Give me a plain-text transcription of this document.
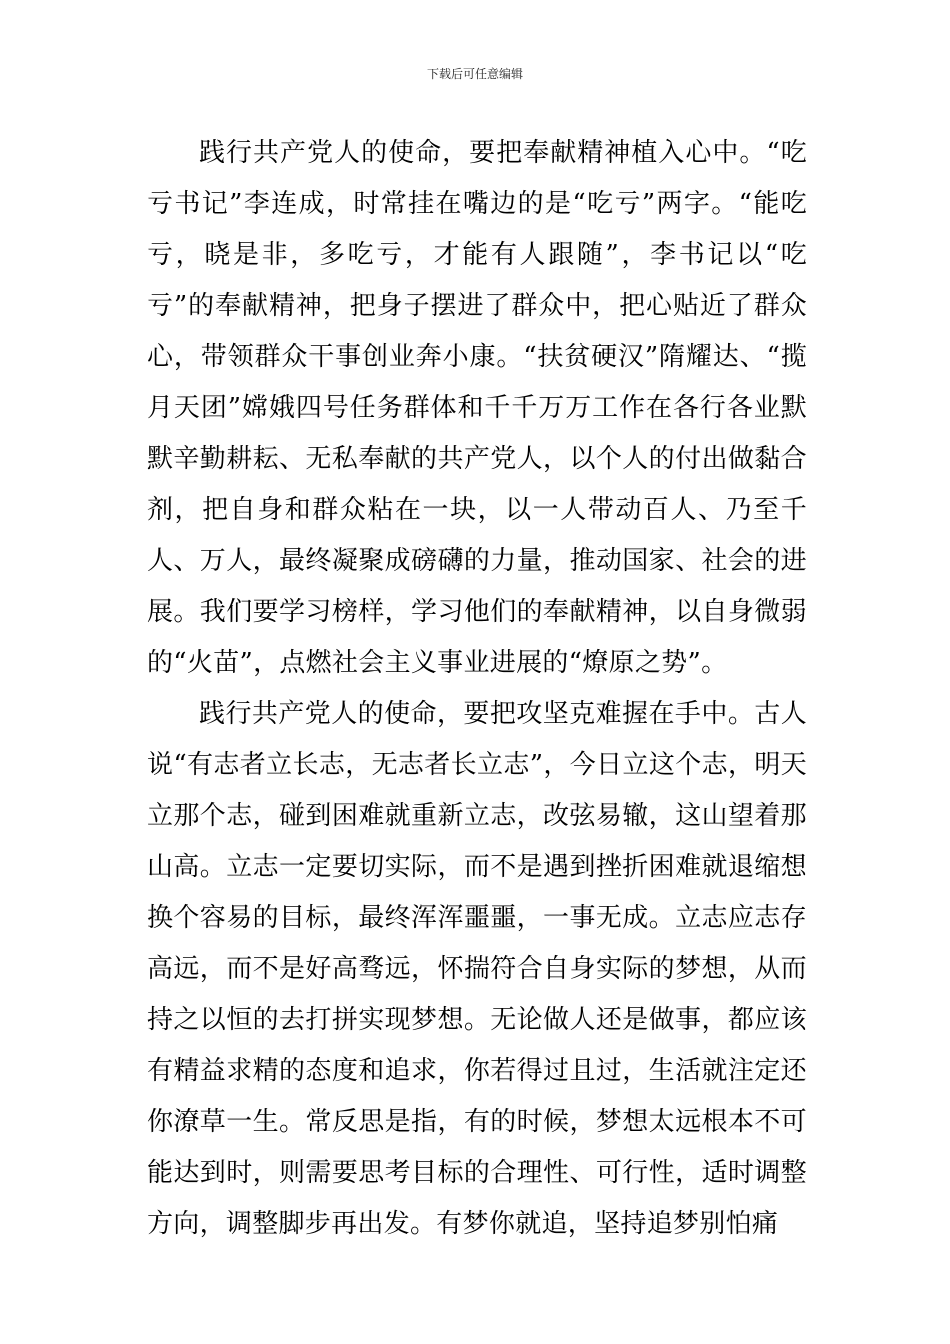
下载后可任意编辑

践行共产党人的使命，要把奉献精神植入心中。“吃亏书记”李连成，时常挂在嘴边的是“吃亏”两字。“能吃亏，晓是非，多吃亏，才能有人跟随”，李书记以“吃亏”的奉献精神，把身子摆进了群众中，把心贴近了群众心，带领群众干事创业奔小康。“扶贫硬汉”隋耀达、“揽月天团”嫦娥四号任务群体和千千万万工作在各行各业默默辛勤耕耘、无私奉献的共产党人，以个人的付出做黏合剂，把自身和群众粘在一块，以一人带动百人、乃至千人、万人，最终凝聚成磅礴的力量，推动国家、社会的进展。我们要学习榜样，学习他们的奉献精神，以自身微弱的“火苗”，点燃社会主义事业进展的“燎原之势”。

践行共产党人的使命，要把攻坚克难握在手中。古人说“有志者立长志，无志者长立志”，今日立这个志，明天立那个志，碰到困难就重新立志，改弦易辙，这山望着那山高。立志一定要切实际，而不是遇到挫折困难就退缩想换个容易的目标，最终浑浑噩噩，一事无成。立志应志存高远，而不是好高骛远，怀揣符合自身实际的梦想，从而持之以恒的去打拼实现梦想。无论做人还是做事，都应该有精益求精的态度和追求，你若得过且过，生活就注定还你潦草一生。常反思是指，有的时候，梦想太远根本不可能达到时，则需要思考目标的合理性、可行性，适时调整方向，调整脚步再出发。有梦你就追，坚持追梦别怕痛
